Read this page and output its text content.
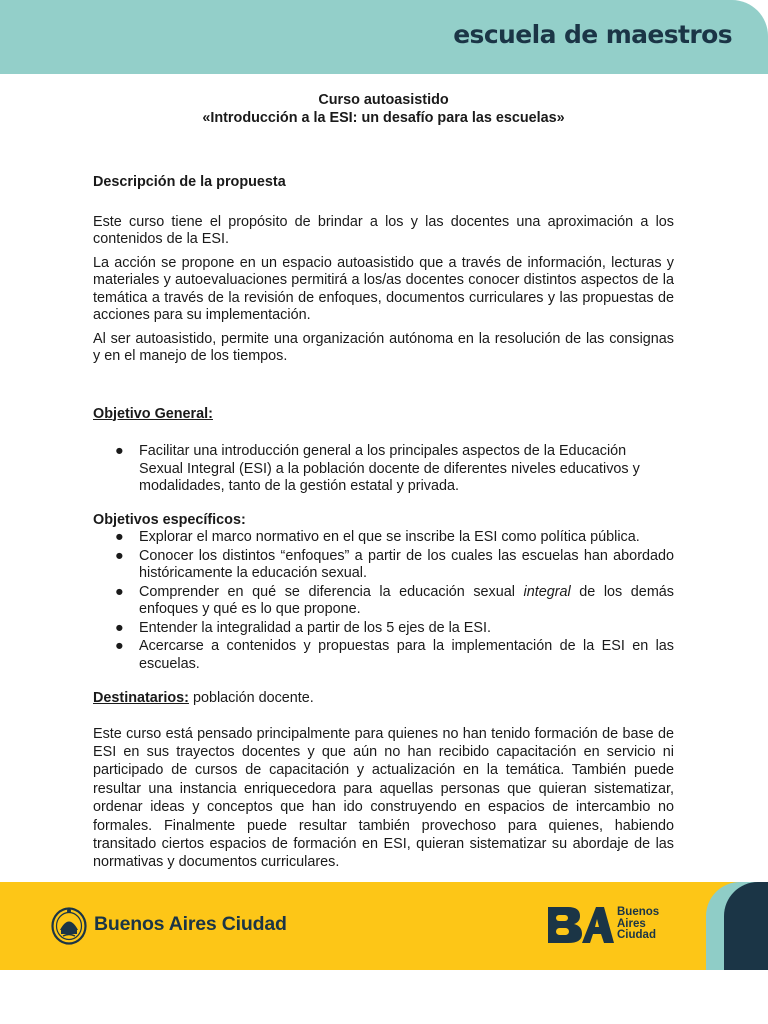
escuela de maestros
Curso autoasistido
«Introducción a la ESI: un desafío para las escuelas»
Descripción de la propuesta

Este curso tiene el propósito de brindar a los y las docentes una aproximación a los contenidos de la ESI.

La acción se propone en un espacio autoasistido que a través de información, lecturas y materiales y autoevaluaciones permitirá a los/as docentes conocer distintos aspectos de la temática a través de la revisión de enfoques, documentos curriculares y las propuestas de acciones para su implementación.

Al ser autoasistido, permite una organización autónoma en la resolución de las consignas y en el manejo de los tiempos.

Objetivo General:
● Facilitar una introducción general a los principales aspectos de la Educación Sexual Integral (ESI) a la población docente de diferentes niveles educativos y modalidades, tanto de la gestión estatal y privada.
Objetivos específicos:
● Explorar el marco normativo en el que se inscribe la ESI como política pública.
● Conocer los distintos “enfoques” a partir de los cuales las escuelas han abordado históricamente la educación sexual.
● Comprender en qué se diferencia la educación sexual integral de los demás enfoques y qué es lo que propone.
● Entender la integralidad a partir de los 5 ejes de la ESI.
● Acercarse a contenidos y propuestas para la implementación de la ESI en las escuelas.
Destinatarios: población docente.

Este curso está pensado principalmente para quienes no han tenido formación de base de ESI en sus trayectos docentes y que aún no han recibido capacitación en servicio ni participado de cursos de capacitación y actualización en la temática. También puede resultar una instancia enriquecedora para aquellas personas que quieran sistematizar, ordenar ideas y conceptos que han ido construyendo en espacios de intercambio no formales. Finalmente puede resultar también provechoso para quienes, habiendo transitado ciertos espacios de formación en ESI, quieran sistematizar su abordaje de las normativas y documentos curriculares.

Buenos Aires Ciudad
Buenos
Aires
Ciudad
